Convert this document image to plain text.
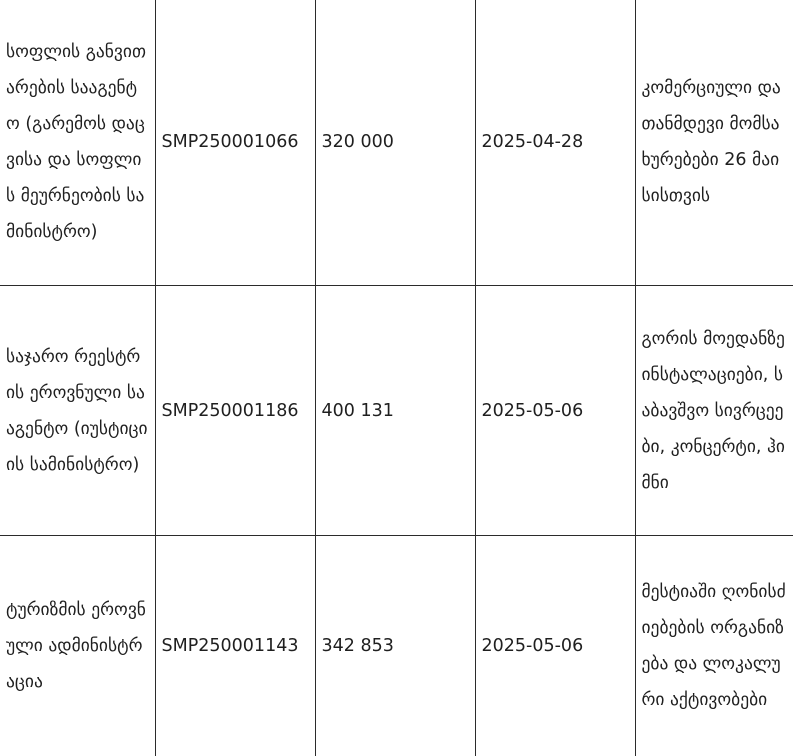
სოფლის განვითარების სააგენტო (გარემოს დაცვისა და სოფლის მეურნეობის სამინისტრო)	SMP250001066	320 000	2025-04-28	კომერციული და თანმდევი მომსახურებები 26 მაისისთვის
საჯარო რეესტრის ეროვნული სააგენტო (იუსტიციის სამინისტრო)	SMP250001186	400 131	2025-05-06	გორის მოედანზე ინსტალაციები, საბავშვო სივრცეები, კონცერტი, ჰიმნი
ტურიზმის ეროვნული ადმინისტრაცია	SMP250001143	342 853	2025-05-06	მესტიაში ღონისძიებების ორგანიზება და ლოკალური აქტივობები
